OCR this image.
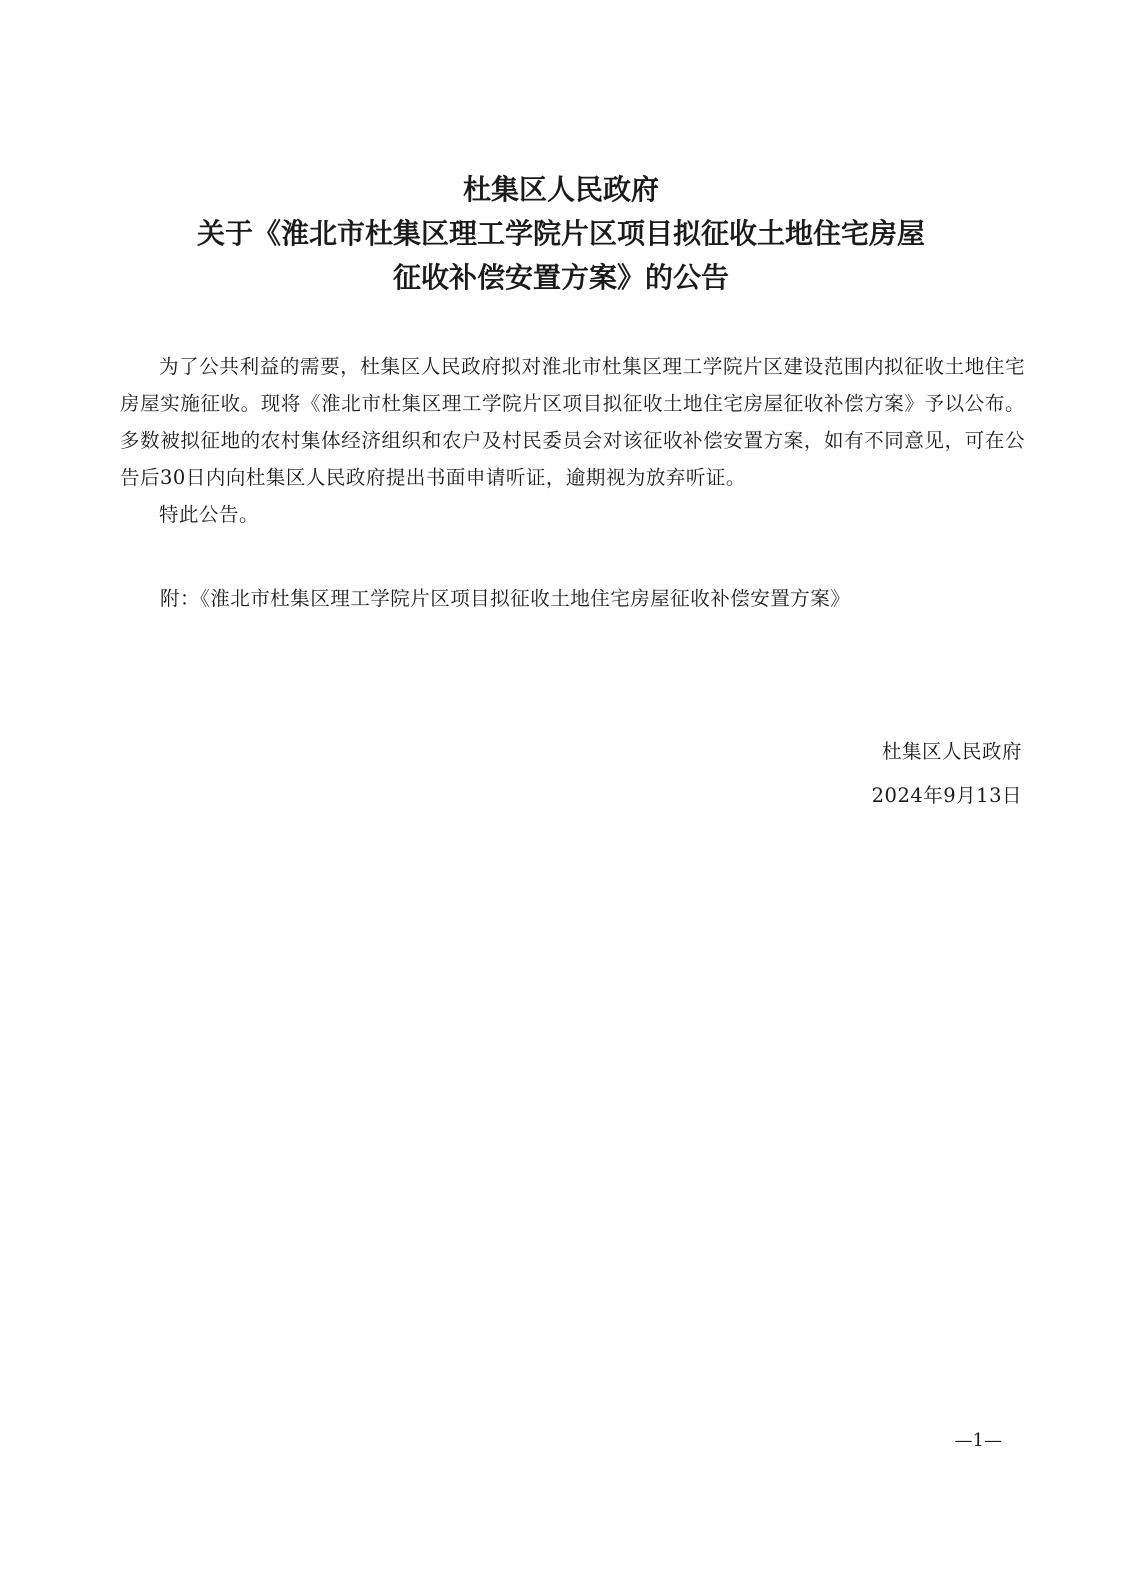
杜集区人民政府
关于《淮北市杜集区理工学院片区项目拟征收土地住宅房屋
征收补偿安置方案》的公告

为了公共利益的需要，杜集区人民政府拟对淮北市杜集区理工学院片区建设范围内拟征收土地住宅房屋实施征收。现将《淮北市杜集区理工学院片区项目拟征收土地住宅房屋征收补偿方案》予以公布。多数被拟征地的农村集体经济组织和农户及村民委员会对该征收补偿安置方案，如有不同意见，可在公告后30日内向杜集区人民政府提出书面申请听证，逾期视为放弃听证。

特此公告。

附：《淮北市杜集区理工学院片区项目拟征收土地住宅房屋征收补偿安置方案》
杜集区人民政府
2024年9月13日
—1—
